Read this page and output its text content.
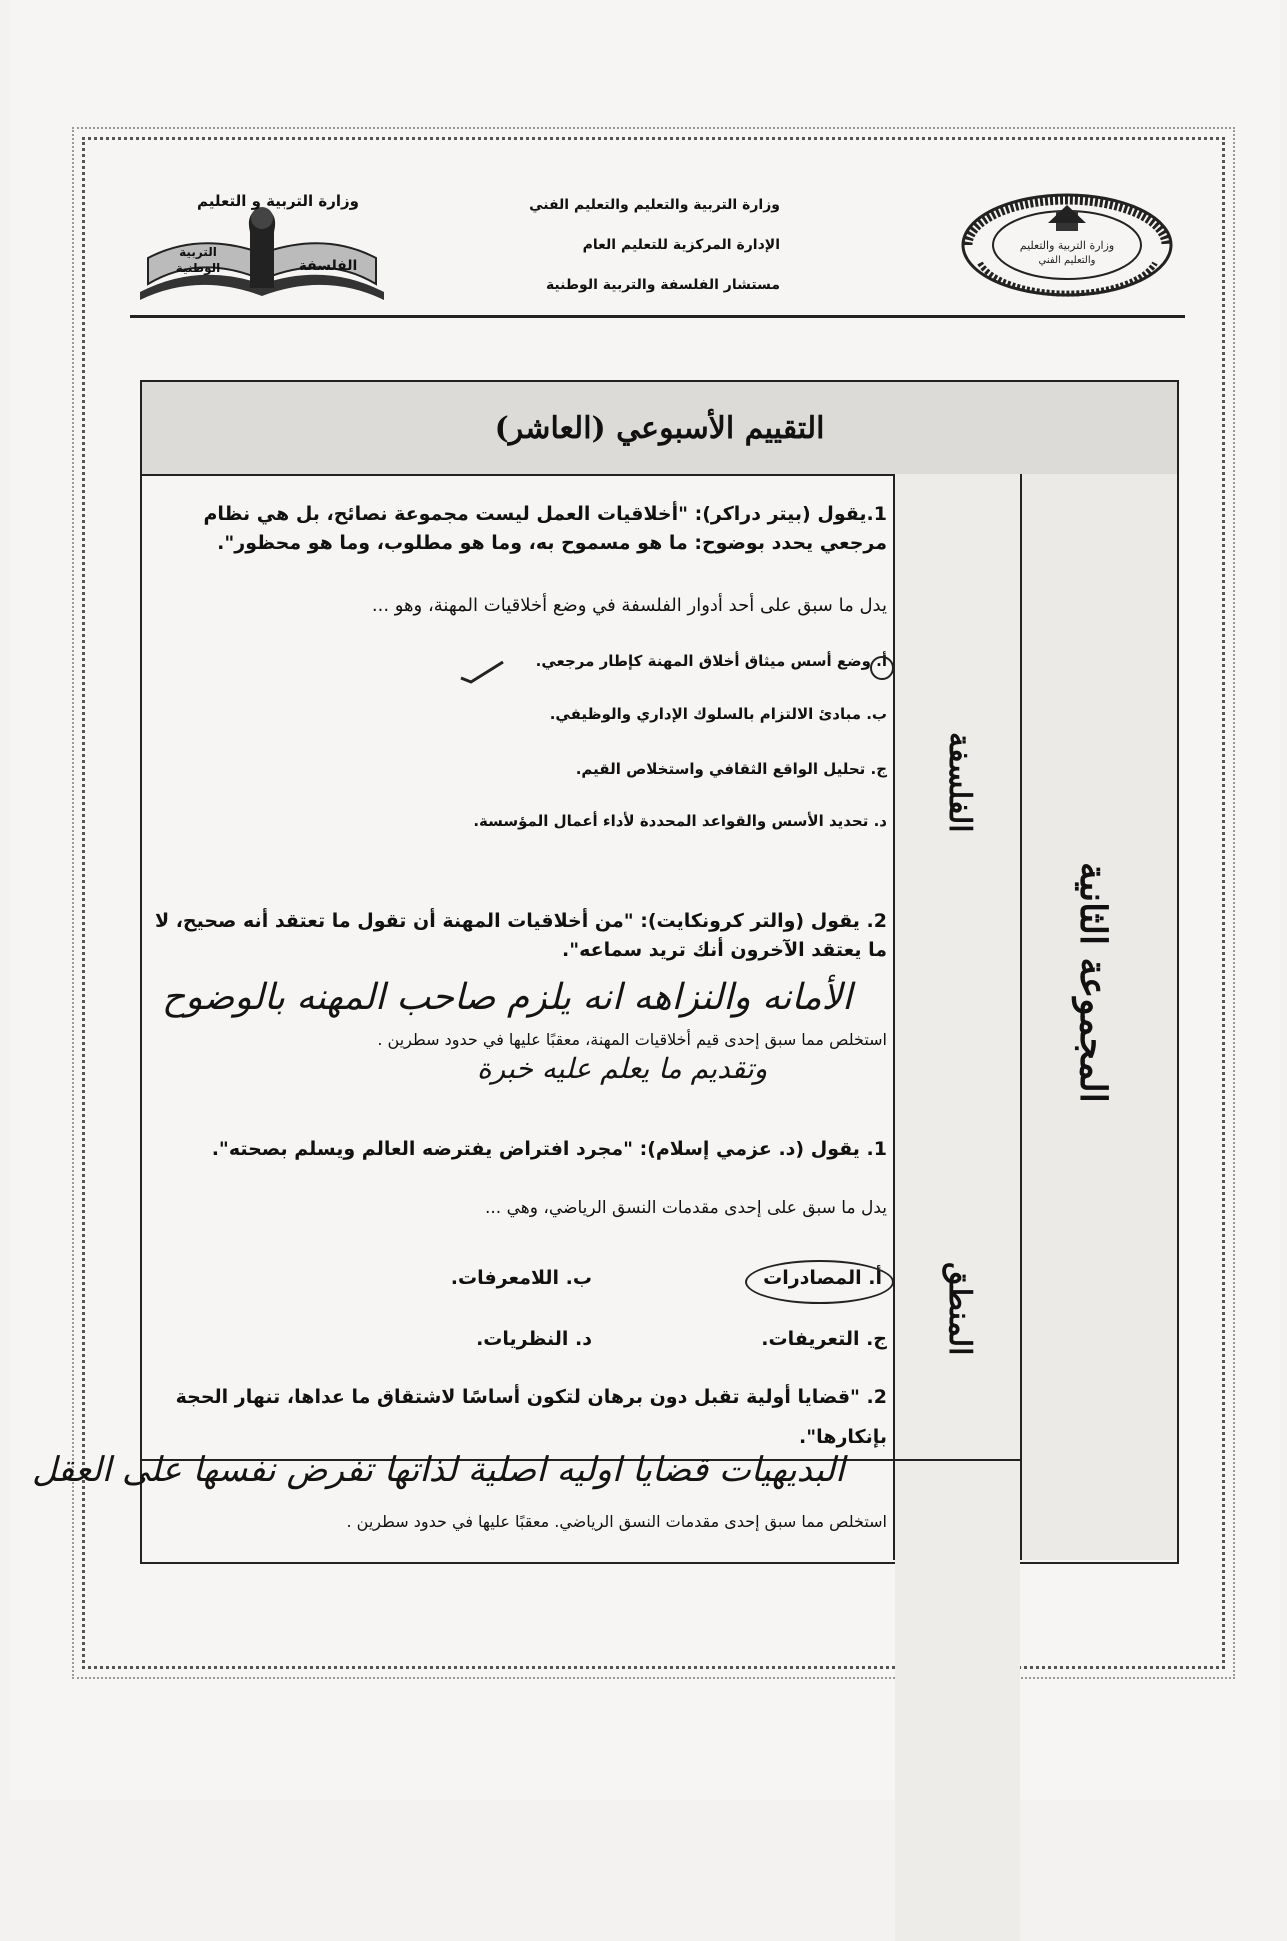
وزارة التربية والتعليم
والتعليم الفني
وزارة التربية والتعليم والتعليم الفني
الإدارة المركزية للتعليم العام
مستشار الفلسفة والتربية الوطنية
وزارة التربية و التعليم
التربية
الوطنية	الفلسفة
التقييم الأسبوعي (العاشر)
المجموعة الثانية
الفلسفة
المنطق
1.يقول (بيتر دراكر): "أخلاقيات العمل ليست مجموعة نصائح، بل هي نظام مرجعي يحدد بوضوح: ما هو مسموح به، وما هو مطلوب، وما هو محظور".
يدل ما سبق على أحد أدوار الفلسفة في وضع أخلاقيات المهنة، وهو ...
أ. وضع أسس ميثاق أخلاق المهنة كإطار مرجعي.
ب. مبادئ الالتزام بالسلوك الإداري والوظيفي.
ج. تحليل الواقع الثقافي واستخلاص القيم.
د. تحديد الأسس والقواعد المحددة لأداء أعمال المؤسسة.
2. يقول (والتر كرونكايت): "من أخلاقيات المهنة أن تقول ما تعتقد أنه صحيح، لا ما يعتقد الآخرون أنك تريد سماعه".
الأمانه والنزاهه انه يلزم صاحب المهنه بالوضوح
استخلص مما سبق إحدى قيم أخلاقيات المهنة، معقبًا عليها في حدود سطرين .
وتقديم ما يعلم عليه خبرة
1. يقول (د. عزمي إسلام): "مجرد افتراض يفترضه العالم ويسلم بصحته".
يدل ما سبق على إحدى مقدمات النسق الرياضي، وهي ...
أ. المصادرات
ب. اللامعرفات.
ج. التعريفات.
د. النظريات.
2. "قضايا أولية تقبل دون برهان لتكون أساسًا لاشتقاق ما عداها، تنهار الحجة بإنكارها".
البديهيات قضايا اوليه اصلية لذاتها تفرض نفسها على العقل
استخلص مما سبق إحدى مقدمات النسق الرياضي. معقبًا عليها في حدود سطرين .
